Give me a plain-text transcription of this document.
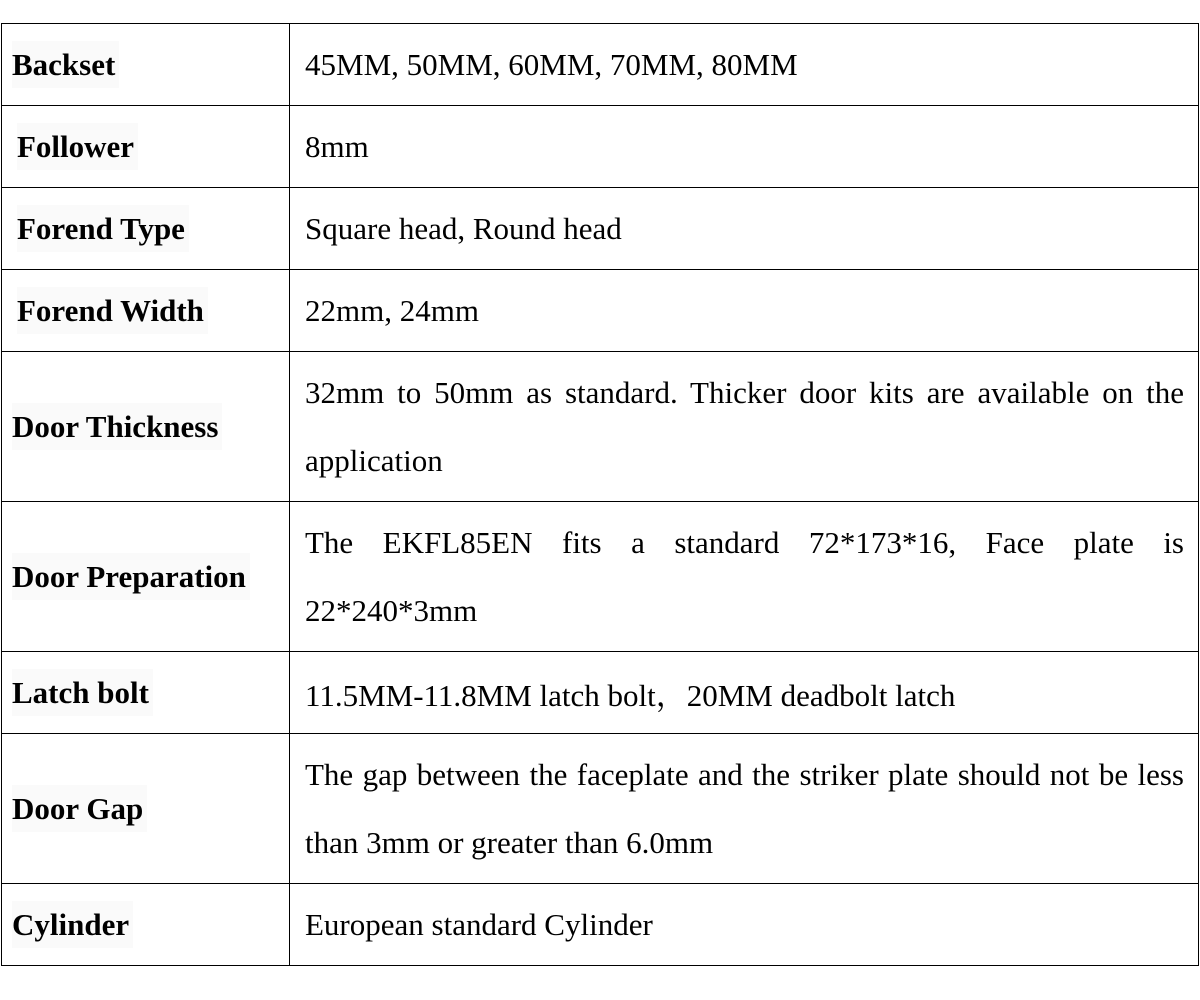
Backset	45MM, 50MM, 60MM, 70MM, 80MM
Follower	8mm
Forend Type	Square head, Round head
Forend Width	22mm, 24mm
Door Thickness	32mm to 50mm as standard. Thicker door kits are available on the application
Door Preparation	The EKFL85EN fits a standard 72*173*16, Face plate is 22*240*3mm
Latch bolt	11.5MM-11.8MM latch bolt，20MM deadbolt latch
Door Gap	The gap between the faceplate and the striker plate should not be less than 3mm or greater than 6.0mm
Cylinder	European standard Cylinder
